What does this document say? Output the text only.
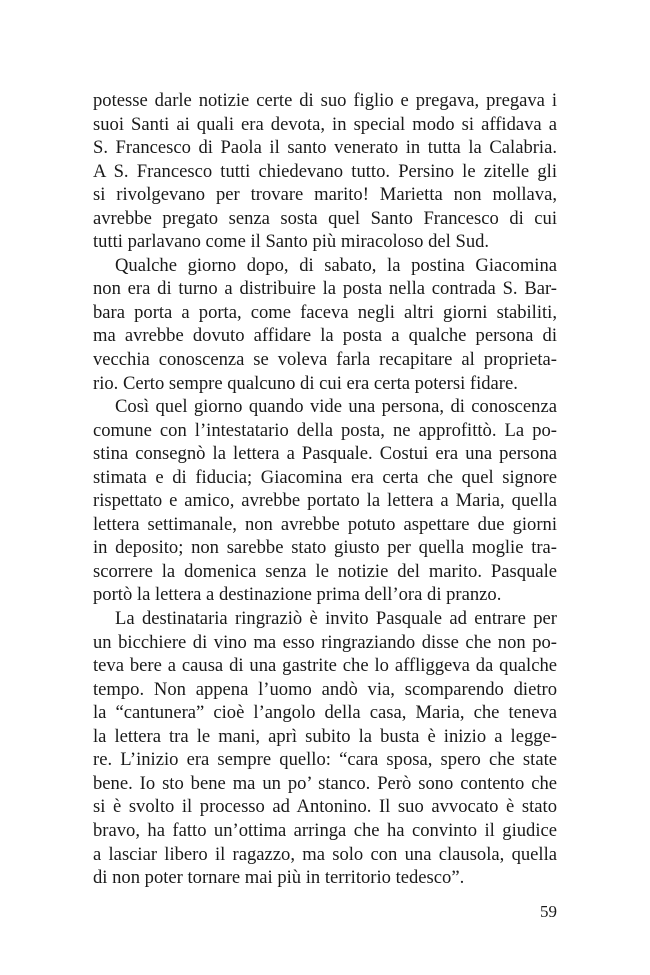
potesse darle notizie certe di suo figlio e pregava, pregava i
suoi Santi ai quali era devota, in special modo si affidava a
S. Francesco di Paola il santo venerato in tutta la Calabria.
A S. Francesco tutti chiedevano tutto. Persino le zitelle gli
si rivolgevano per trovare marito! Marietta non mollava,
avrebbe pregato senza sosta quel Santo Francesco di cui
tutti parlavano come il Santo più miracoloso del Sud.
Qualche giorno dopo, di sabato, la postina Giacomina
non era di turno a distribuire la posta nella contrada S. Bar-
bara porta a porta, come faceva negli altri giorni stabiliti,
ma avrebbe dovuto affidare la posta a qualche persona di
vecchia conoscenza se voleva farla recapitare al proprieta-
rio. Certo sempre qualcuno di cui era certa potersi fidare.
Così quel giorno quando vide una persona, di conoscenza
comune con l’intestatario della posta, ne approfittò. La po-
stina consegnò la lettera a Pasquale. Costui era una persona
stimata e di fiducia; Giacomina era certa che quel signore
rispettato e amico, avrebbe portato la lettera a Maria, quella
lettera settimanale, non avrebbe potuto aspettare due giorni
in deposito; non sarebbe stato giusto per quella moglie tra-
scorrere la domenica senza le notizie del marito. Pasquale
portò la lettera a destinazione prima dell’ora di pranzo.
La destinataria ringraziò è invito Pasquale ad entrare per
un bicchiere di vino ma esso ringraziando disse che non po-
teva bere a causa di una gastrite che lo affliggeva da qualche
tempo. Non appena l’uomo andò via, scomparendo dietro
la “cantunera” cioè l’angolo della casa, Maria, che teneva
la lettera tra le mani, aprì subito la busta è inizio a legge-
re. L’inizio era sempre quello: “cara sposa, spero che state
bene. Io sto bene ma un po’ stanco. Però sono contento che
si è svolto il processo ad Antonino. Il suo avvocato è stato
bravo, ha fatto un’ottima arringa che ha convinto il giudice
a lasciar libero il ragazzo, ma solo con una clausola, quella
di non poter tornare mai più in territorio tedesco”.
59
